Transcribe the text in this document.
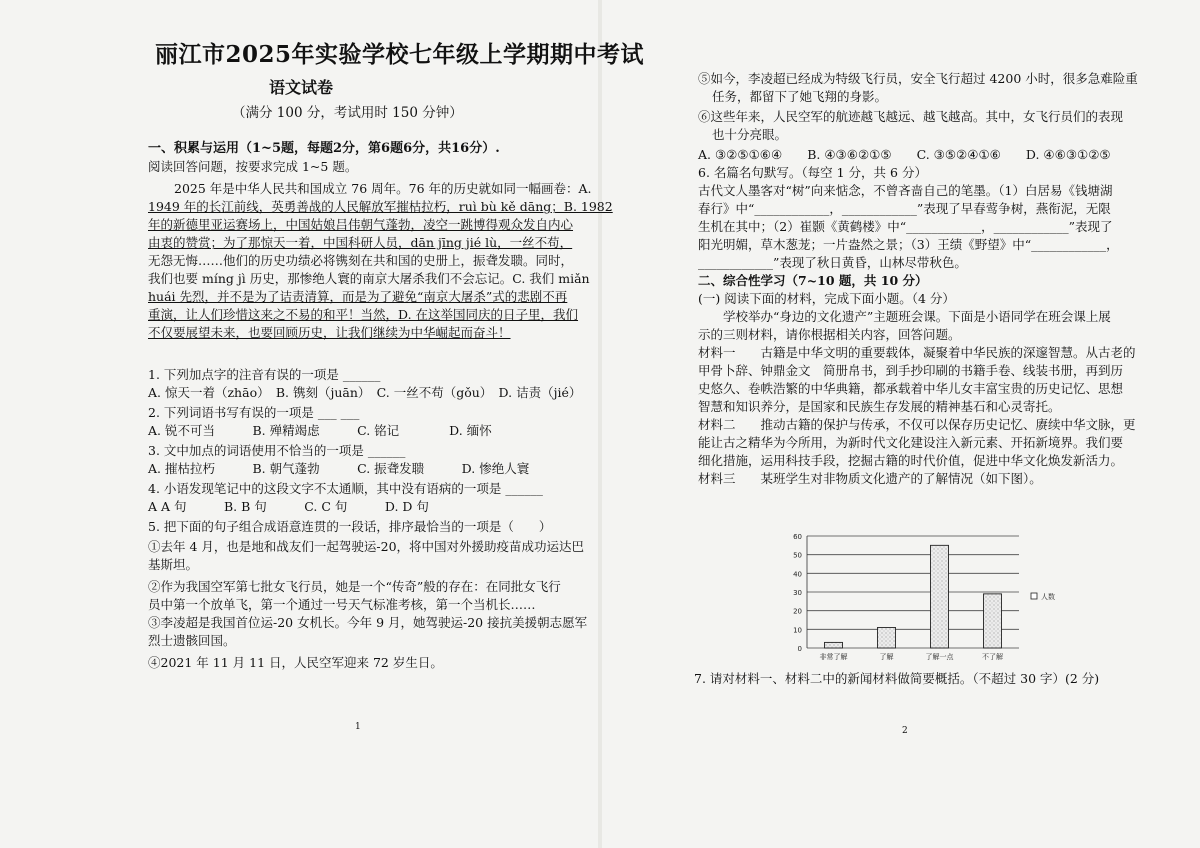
丽江市2025年实验学校七年级上学期期中考试
语文试卷
（满分 100 分，考试用时 150 分钟）
一、积累与运用（1~5题，每题2分，第6题6分，共16分）.
阅读回答问题，按要求完成 1~5 题。
2025 年是中华人民共和国成立 76 周年。76 年的历史就如同一幅画卷：A.
1949 年的长江前线，英勇善战的人民解放军摧枯拉朽，ruì bù kě dāng；B. 1982
年的新德里亚运赛场上，中国姑娘吕伟朝气蓬勃，凌空一跳博得观众发自内心
由衷的赞赏；为了那惊天一着，中国科研人员，dān jīng jié lù，一丝不苟，
无怨无悔……他们的历史功绩必将镌刻在共和国的史册上，振聋发聩。同时，
我们也要 míng jì 历史，那惨绝人寰的南京大屠杀我们不会忘记。C. 我们 miǎn
huái 先烈，并不是为了诘责清算，而是为了避免“南京大屠杀”式的悲剧不再
重演，让人们珍惜这来之不易的和平！当然，D. 在这举国同庆的日子里，我们
不仅要展望未来，也要回顾历史，让我们继续为中华崛起而奋斗！
1. 下列加点字的注音有误的一项是 ______
A. 惊天一着（zhāo）　B. 镌刻（juān）　C. 一丝不苟（gǒu）　D. 诘责（jié）
2. 下列词语书写有误的一项是 ___ ___
A. 锐不可当　　　B. 殚精竭虑　　　C. 铭记　　　　D. 缅怀
3. 文中加点的词语使用不恰当的一项是 ______
A. 摧枯拉朽　　　B. 朝气蓬勃　　　C. 振聋发聩　　　D. 惨绝人寰
4. 小语发现笔记中的这段文字不太通顺，其中没有语病的一项是 ______
A A 句　　　B. B 句　　　C. C 句　　　D. D 句
5. 把下面的句子组合成语意连贯的一段话，排序最恰当的一项是（　　）
①去年 4 月，也是地和战友们一起驾驶运-20，将中国对外援助疫苗成功运达巴
基斯坦。
②作为我国空军第七批女飞行员，她是一个“传奇”般的存在：在同批女飞行
员中第一个放单飞，第一个通过一号天气标准考核，第一个当机长……
③李凌超是我国首位运-20 女机长。今年 9 月，她驾驶运-20 接抗美援朝志愿军
烈士遗骸回国。
④2021 年 11 月 11 日，人民空军迎来 72 岁生日。
1
⑤如今，李凌超已经成为特级飞行员，安全飞行超过 4200 小时，很多急难险重
任务，都留下了她飞翔的身影。
⑥这些年来，人民空军的航迹越飞越远、越飞越高。其中，女飞行员们的表现
也十分亮眼。
A. ③②⑤①⑥④　　B. ④③⑥②①⑤　　C. ③⑤②④①⑥　　D. ④⑥③①②⑤
6. 名篇名句默写。（每空 1 分，共 6 分）
古代文人墨客对“树”向来惦念，不曾吝啬自己的笔墨。（1）白居易《钱塘湖
春行》中“____________，____________”表现了早春莺争树，燕衔泥，无限
生机在其中；（2）崔颢《黄鹤楼》中“____________，____________”表现了
阳光明媚，草木葱茏；一片盎然之景；（3）王绩《野望》中“____________，
____________”表现了秋日黄昏，山林尽带秋色。
二、综合性学习（7~10 题，共 10 分）
(一) 阅读下面的材料，完成下面小题。（4 分）
　　学校举办“身边的文化遗产”主题班会课。下面是小语同学在班会课上展
示的三则材料，请你根据相关内容，回答问题。
材料一　　古籍是中华文明的重要载体，凝聚着中华民族的深邃智慧。从古老的
甲骨卜辞、钟鼎金文　简册帛书，到手抄印刷的书籍手卷、线装书册，再到历
史悠久、卷帙浩繁的中华典籍，都承载着中华儿女丰富宝贵的历史记忆、思想
智慧和知识养分，是国家和民族生存发展的精神基石和心灵寄托。
材料二　　推动古籍的保护与传承，不仅可以保存历史记忆、赓续中华文脉，更
能让古之精华为今所用，为新时代文化建设注入新元素、开拓新境界。我们要
细化措施，运用科技手段，挖掘古籍的时代价值，促进中华文化焕发新活力。
材料三　　某班学生对非物质文化遗产的了解情况（如下图）。
0
10
20
30
40
50
60
非常了解	了解	了解一点	不了解
人数
7. 请对材料一、材料二中的新闻材料做简要概括。（不超过 30 字）(2 分)
2
